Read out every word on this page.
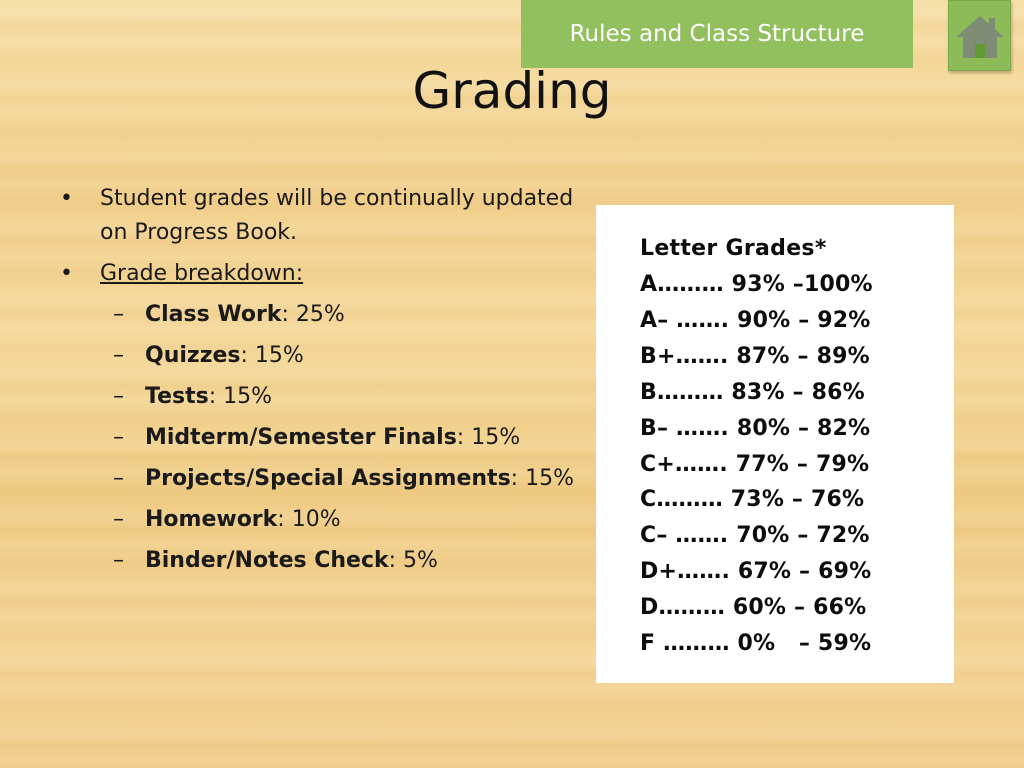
Rules and Class Structure
Grading
• Student grades will be continually updated on Progress Book.
• Grade breakdown:
– Class Work: 25%
– Quizzes: 15%
– Tests: 15%
– Midterm/Semester Finals: 15%
– Projects/Special Assignments: 15%
– Homework: 10%
– Binder/Notes Check: 5%
Letter Grades*
A……… 93% –100%
A– ……. 90% – 92%
B+……. 87% – 89%
B……… 83% – 86%
B– ……. 80% – 82%
C+……. 77% – 79%
C……… 73% – 76%
C– ……. 70% – 72%
D+……. 67% – 69%
D……… 60% – 66%
F ……… 0%   – 59%
